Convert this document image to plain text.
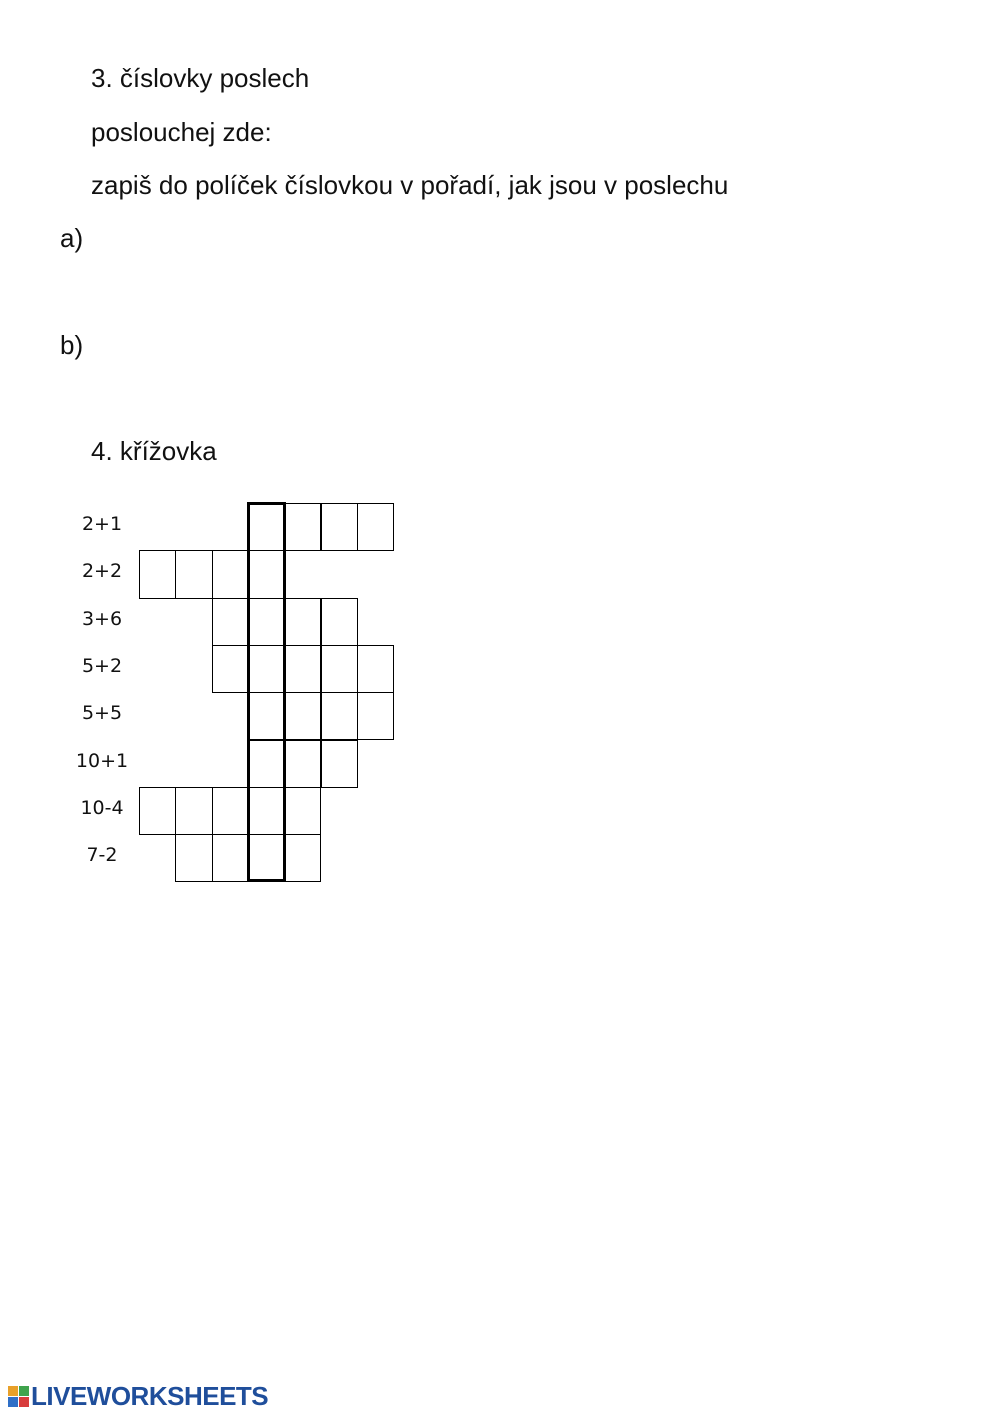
3. číslovky poslech
poslouchej zde:
zapiš do políček číslovkou v pořadí, jak jsou v poslechu
a)
b)
4. křížovka
2+1
2+2
3+6
5+2
5+5
10+1
10-4
7-2
LIVEWORKSHEETS
